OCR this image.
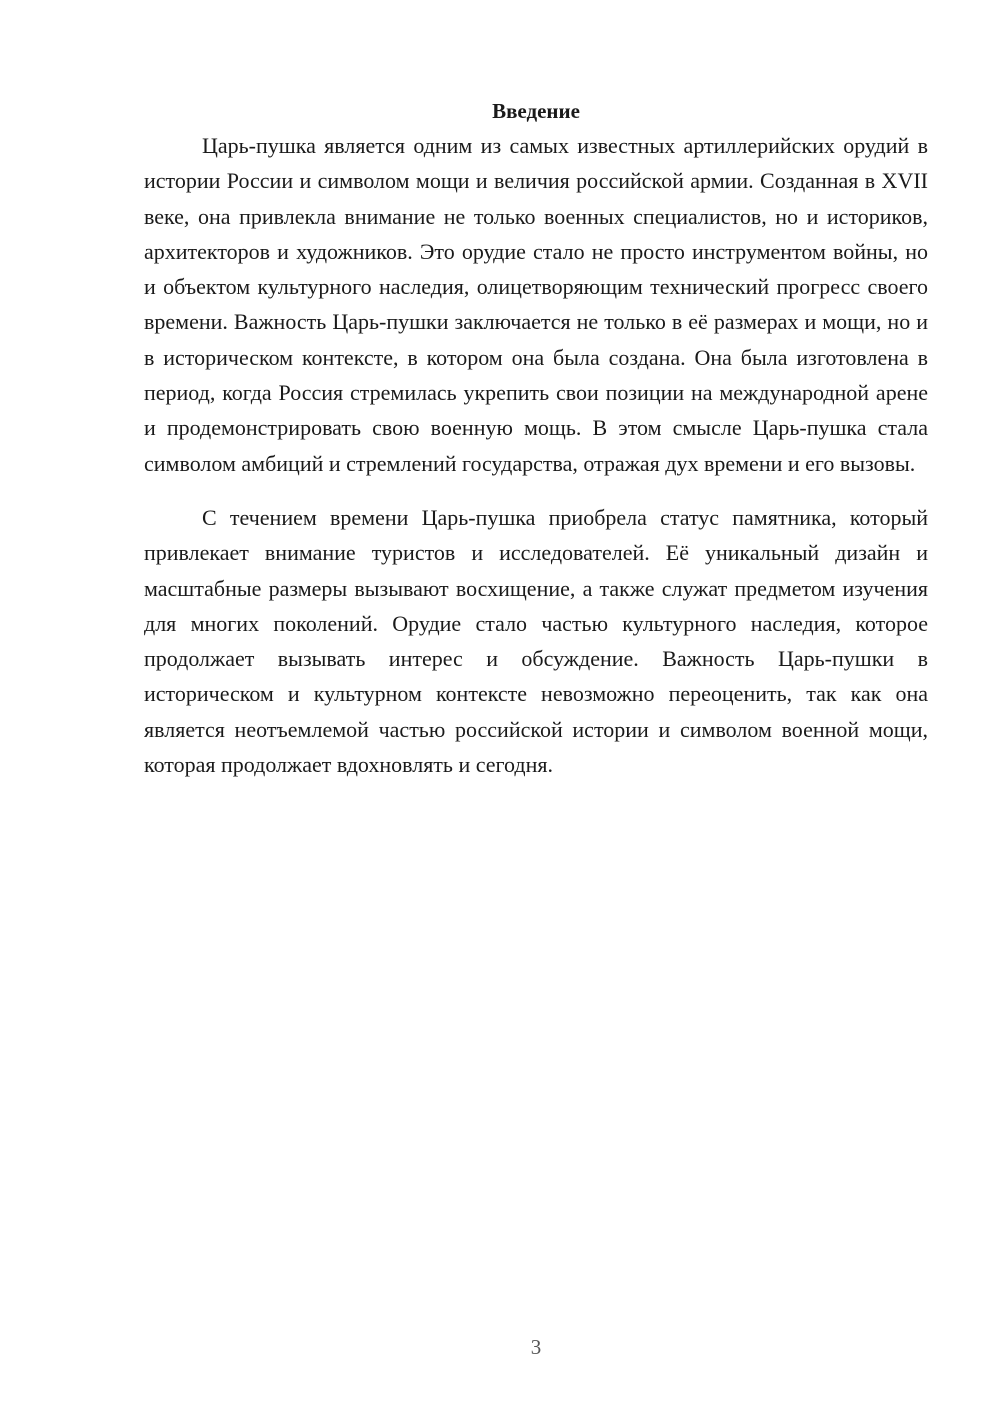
Введение

Царь-пушка является одним из самых известных артиллерийских орудий в истории России и символом мощи и величия российской армии. Созданная в XVII веке, она привлекла внимание не только военных специалистов, но и историков, архитекторов и художников. Это орудие стало не просто инструментом войны, но и объектом культурного наследия, олицетворяющим технический прогресс своего времени. Важность Царь-пушки заключается не только в её размерах и мощи, но и в историческом контексте, в котором она была создана. Она была изготовлена в период, когда Россия стремилась укрепить свои позиции на международной арене и продемонстрировать свою военную мощь. В этом смысле Царь-пушка стала символом амбиций и стремлений государства, отражая дух времени и его вызовы.

С течением времени Царь-пушка приобрела статус памятника, который привлекает внимание туристов и исследователей. Её уникальный дизайн и масштабные размеры вызывают восхищение, а также служат предметом изучения для многих поколений. Орудие стало частью культурного наследия, которое продолжает вызывать интерес и обсуждение. Важность Царь-пушки в историческом и культурном контексте невозможно переоценить, так как она является неотъемлемой частью российской истории и символом военной мощи, которая продолжает вдохновлять и сегодня.

3
